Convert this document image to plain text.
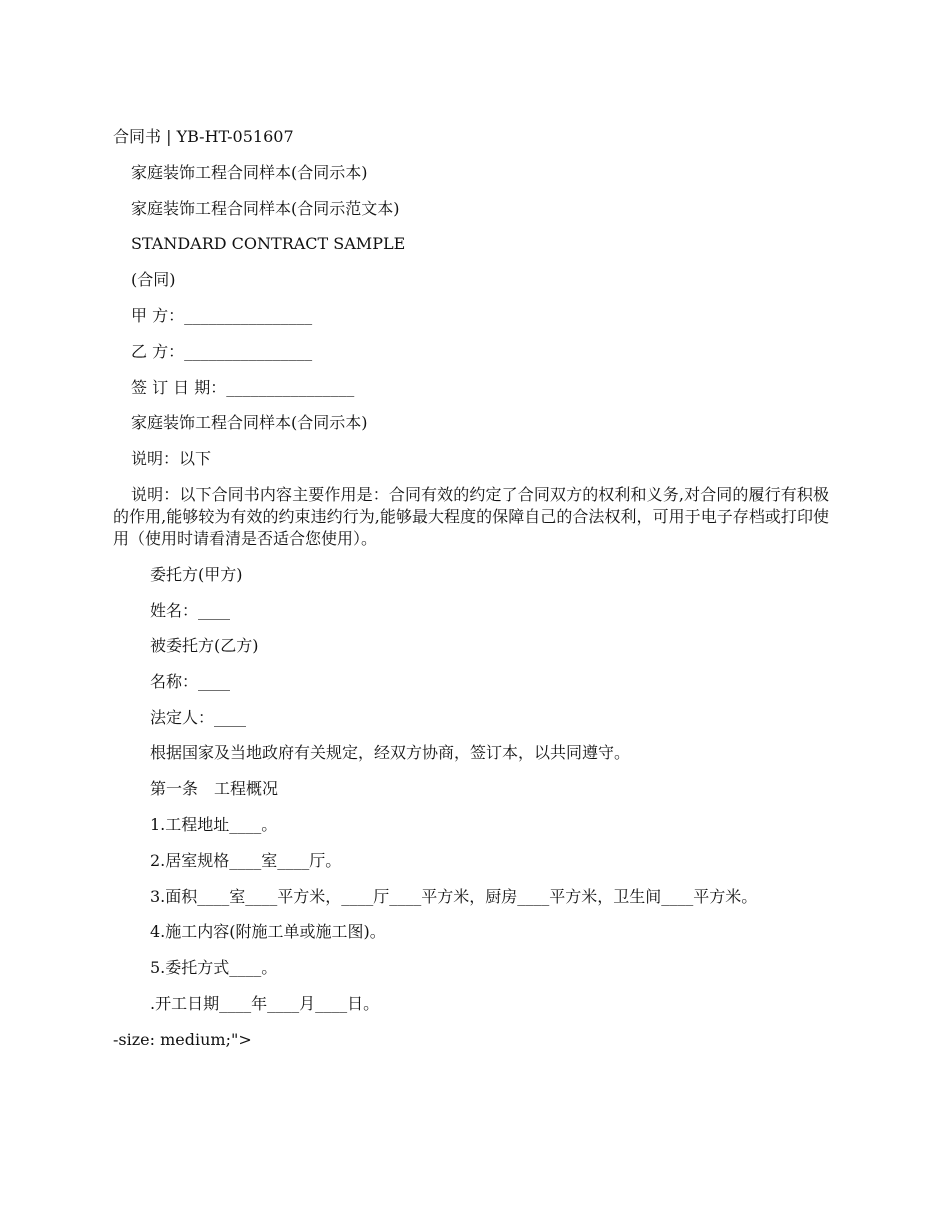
合同书 | YB-HT-051607

家庭装饰工程合同样本(合同示本)

家庭装饰工程合同样本(合同示范文本)

STANDARD CONTRACT SAMPLE

(合同)

甲 方：________________

乙 方：________________

签 订 日 期：________________

家庭装饰工程合同样本(合同示本)

说明：以下

说明：以下合同书内容主要作用是：合同有效的约定了合同双方的权利和义务,对合同的履行有积极的作用,能够较为有效的约束违约行为,能够最大程度的保障自己的合法权利，可用于电子存档或打印使用（使用时请看清是否适合您使用）。

委托方(甲方)

姓名：____

被委托方(乙方)

名称：____

法定人：____

根据国家及当地政府有关规定，经双方协商，签订本，以共同遵守。

第一条　工程概况

1.工程地址____。

2.居室规格____室____厅。

3.面积____室____平方米，____厅____平方米，厨房____平方米，卫生间____平方米。

4.施工内容(附施工单或施工图)。

5.委托方式____。

.开工日期____年____月____日。

-size: medium;">
